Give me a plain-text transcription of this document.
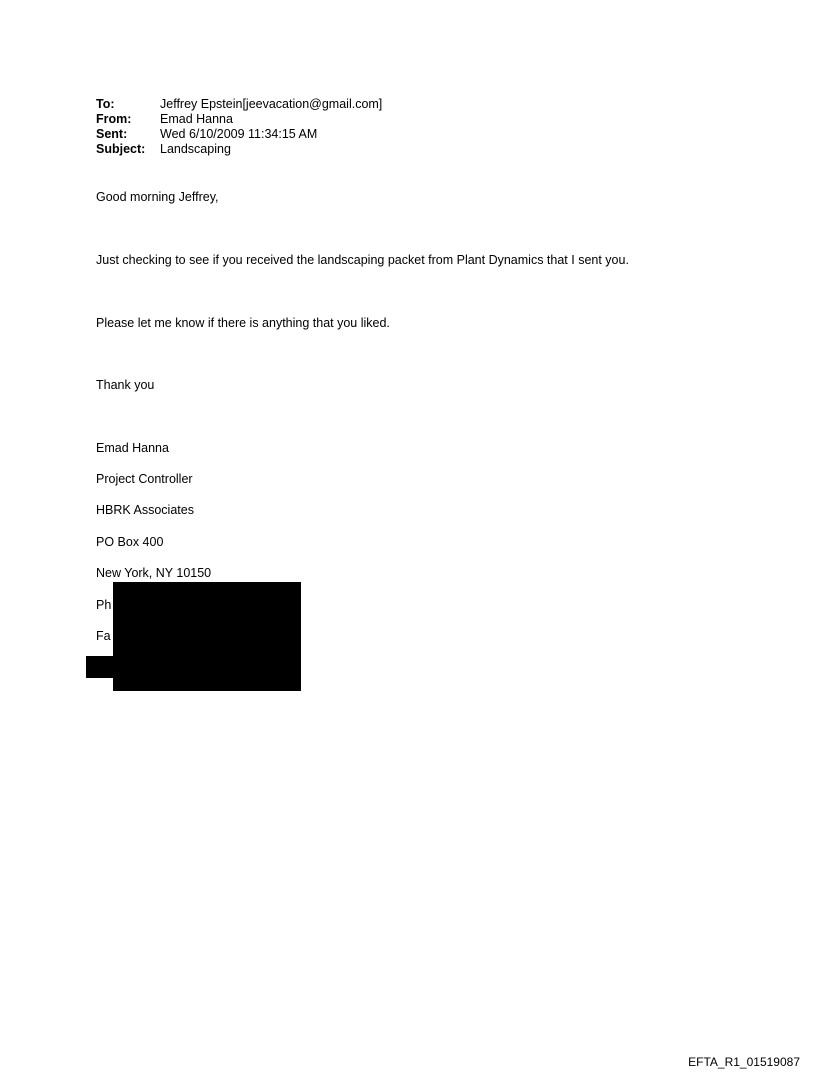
To:	Jeffrey Epstein[jeevacation@gmail.com]
From:	Emad Hanna
Sent:	Wed 6/10/2009 11:34:15 AM
Subject:	Landscaping
Good morning Jeffrey,
Just checking to see if you received the landscaping packet from Plant Dynamics that I sent you.
Please let me know if there is anything that you liked.
Thank you
Emad Hanna
Project Controller
HBRK Associates
PO Box 400
New York, NY 10150
Ph
Fa
EFTA_R1_01519087
